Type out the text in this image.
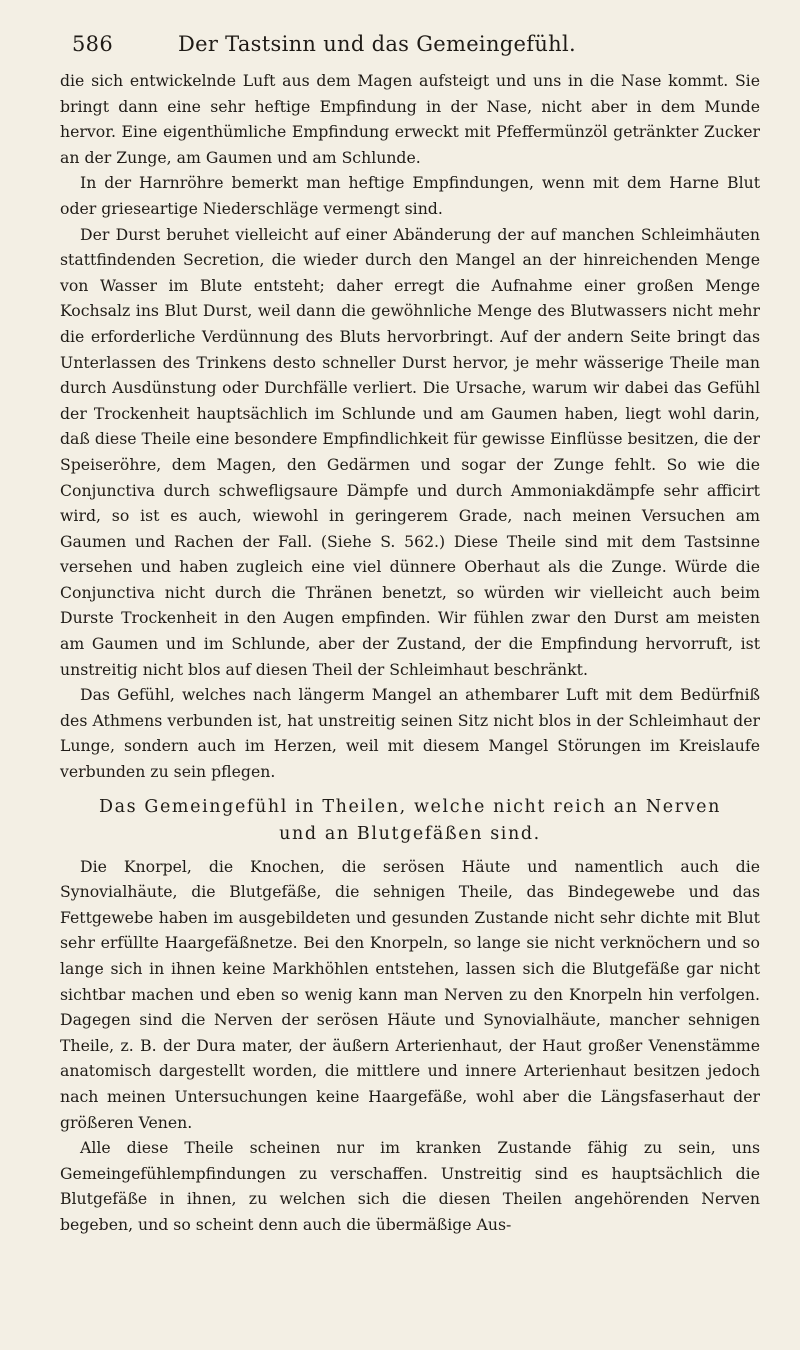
586	Der Tastsinn und das Gemeingefühl.

die sich entwickelnde Luft aus dem Magen aufsteigt und uns in die Nase kommt. Sie bringt dann eine sehr heftige Empfindung in der Nase, nicht aber in dem Munde hervor. Eine eigenthümliche Empfindung erweckt mit Pfeffermünzöl getränkter Zucker an der Zunge, am Gaumen und am Schlunde.

In der Harnröhre bemerkt man heftige Empfindungen, wenn mit dem Harne Blut oder grieseartige Niederschläge vermengt sind.

Der Durst beruhet vielleicht auf einer Abänderung der auf manchen Schleimhäuten stattfindenden Secretion, die wieder durch den Mangel an der hinreichenden Menge von Wasser im Blute entsteht; daher erregt die Aufnahme einer großen Menge Kochsalz ins Blut Durst, weil dann die gewöhnliche Menge des Blutwassers nicht mehr die erforderliche Verdünnung des Bluts hervorbringt. Auf der andern Seite bringt das Unterlassen des Trinkens desto schneller Durst hervor, je mehr wässerige Theile man durch Ausdünstung oder Durchfälle verliert. Die Ursache, warum wir dabei das Gefühl der Trockenheit hauptsächlich im Schlunde und am Gaumen haben, liegt wohl darin, daß diese Theile eine besondere Empfindlichkeit für gewisse Einflüsse besitzen, die der Speiseröhre, dem Magen, den Gedärmen und sogar der Zunge fehlt. So wie die Conjunctiva durch schwefligsaure Dämpfe und durch Ammoniakdämpfe sehr afficirt wird, so ist es auch, wiewohl in geringerem Grade, nach meinen Versuchen am Gaumen und Rachen der Fall. (Siehe S. 562.) Diese Theile sind mit dem Tastsinne versehen und haben zugleich eine viel dünnere Oberhaut als die Zunge. Würde die Conjunctiva nicht durch die Thränen benetzt, so würden wir vielleicht auch beim Durste Trockenheit in den Augen empfinden. Wir fühlen zwar den Durst am meisten am Gaumen und im Schlunde, aber der Zustand, der die Empfindung hervorruft, ist unstreitig nicht blos auf diesen Theil der Schleimhaut beschränkt.

Das Gefühl, welches nach längerm Mangel an athembarer Luft mit dem Bedürfniß des Athmens verbunden ist, hat unstreitig seinen Sitz nicht blos in der Schleimhaut der Lunge, sondern auch im Herzen, weil mit diesem Mangel Störungen im Kreislaufe verbunden zu sein pflegen.

Das Gemeingefühl in Theilen, welche nicht reich an Nerven und an Blutgefäßen sind.

Die Knorpel, die Knochen, die serösen Häute und namentlich auch die Synovialhäute, die Blutgefäße, die sehnigen Theile, das Bindegewebe und das Fettgewebe haben im ausgebildeten und gesunden Zustande nicht sehr dichte mit Blut sehr erfüllte Haargefäßnetze. Bei den Knorpeln, so lange sie nicht verknöchern und so lange sich in ihnen keine Markhöhlen entstehen, lassen sich die Blutgefäße gar nicht sichtbar machen und eben so wenig kann man Nerven zu den Knorpeln hin verfolgen. Dagegen sind die Nerven der serösen Häute und Synovialhäute, mancher sehnigen Theile, z. B. der Dura mater, der äußern Arterienhaut, der Haut großer Venenstämme anatomisch dargestellt worden, die mittlere und innere Arterienhaut besitzen jedoch nach meinen Untersuchungen keine Haargefäße, wohl aber die Längsfaserhaut der größeren Venen.

Alle diese Theile scheinen nur im kranken Zustande fähig zu sein, uns Gemeingefühlempfindungen zu verschaffen. Unstreitig sind es hauptsächlich die Blutgefäße in ihnen, zu welchen sich die diesen Theilen angehörenden Nerven begeben, und so scheint denn auch die übermäßige Aus-
